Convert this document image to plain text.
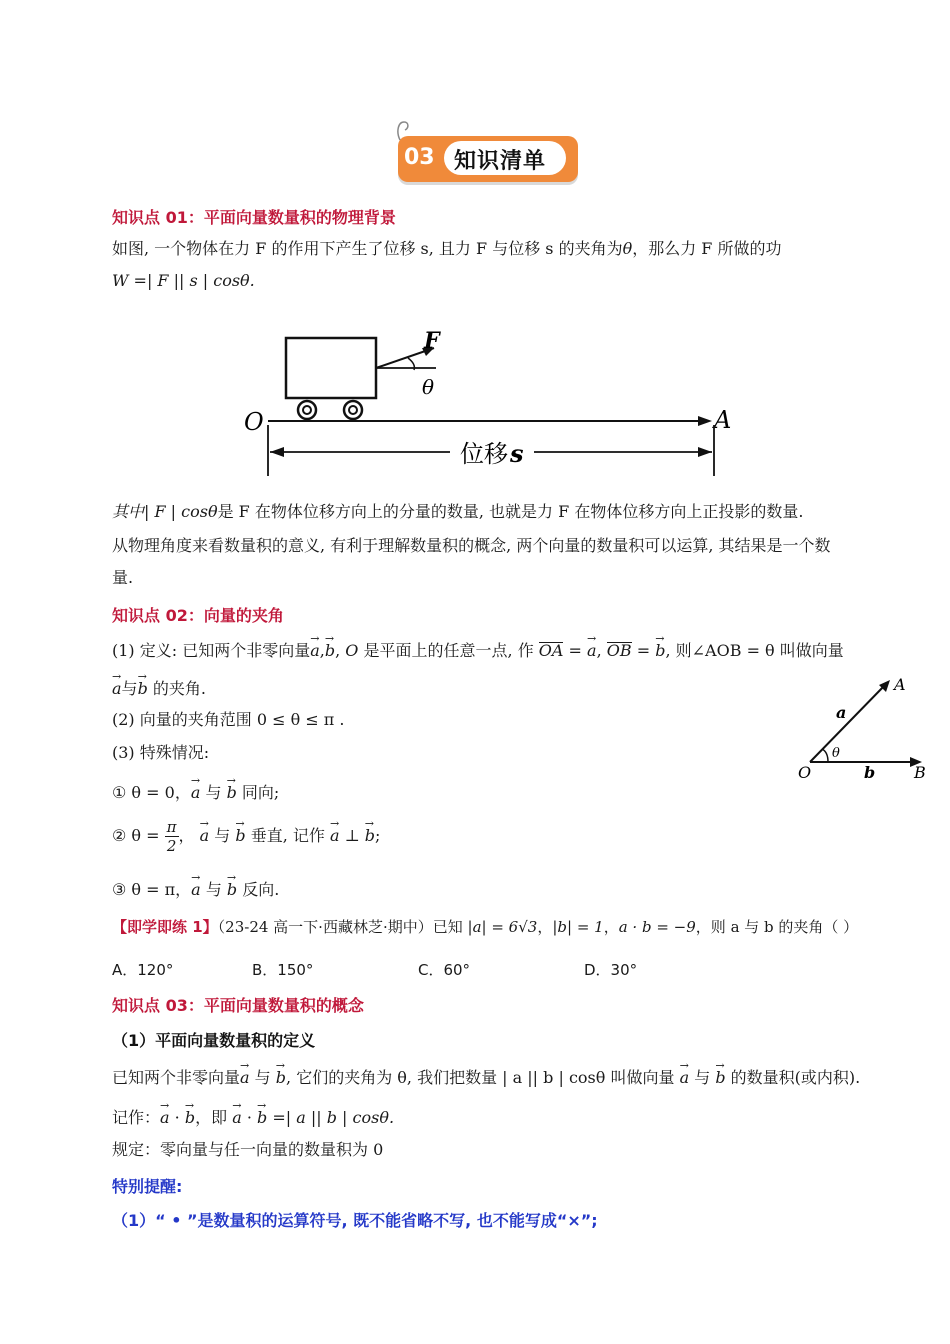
03 知识清单
知识点 01：平面向量数量积的物理背景
如图, 一个物体在力 F 的作用下产生了位移 s, 且力 F 与位移 s 的夹角为θ，那么力 F 所做的功
W =| F || s | cosθ.
F
θ
O	A
位移 s
其中| F | cosθ是 F 在物体位移方向上的分量的数量, 也就是力 F 在物体位移方向上正投影的数量.
从物理角度来看数量积的意义, 有利于理解数量积的概念, 两个向量的数量积可以运算, 其结果是一个数
量.
知识点 02：向量的夹角
(1) 定义: 已知两个非零向量→ a,→ b, O 是平面上的任意一点, 作 OA = → a, OB = → b, 则∠AOB = θ 叫做向量
→ a与→ b 的夹角.
(2) 向量的夹角范围 0 ≤ θ ≤ π .
(3) 特殊情况:
① θ = 0，→ a 与 → b 同向;
② $\theta = \frac{\pi}{2}$ ， → a 与 → b 垂直, 记作 → a ⊥ → b;
③ θ = π，→ a 与 → b 反向.
A
B
O
a
b
θ
【即学即练 1】（23-24 高一下·西藏林芝·期中）已知 |a| = 6√3，|b| = 1，a · b = −9，则 a 与 b 的夹角（ ）
A．120°	B．150°	C．60°	D．30°
知识点 03：平面向量数量积的概念
（1）平面向量数量积的定义
已知两个非零向量→ a 与 → b, 它们的夹角为 θ, 我们把数量 | a || b | cosθ 叫做向量 → a 与 → b 的数量积(或内积).
记作：→ a · → b，即 → a · → b =| a || b | cosθ.
规定：零向量与任一向量的数量积为 0
特别提醒:
（1）“ • ”是数量积的运算符号, 既不能省略不写, 也不能写成“×”;
